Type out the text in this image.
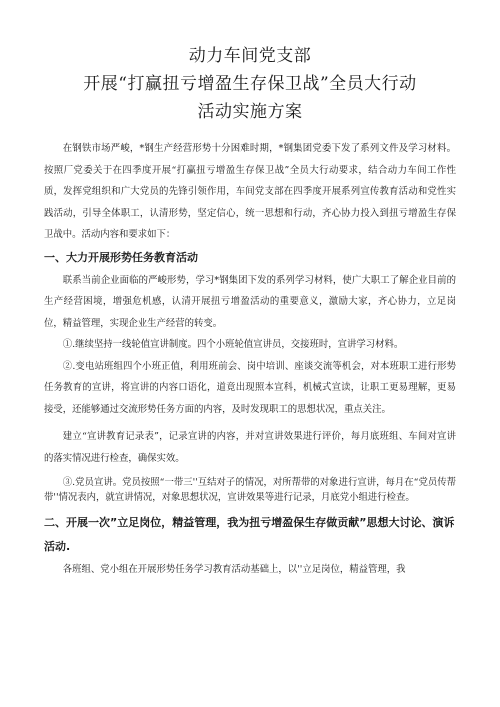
动力车间党支部
开展“打赢扭亏增盈生存保卫战”全员大行动
活动实施方案

在钢铁市场严峻，*钢生产经营形势十分困难时期，*钢集团党委下发了系列文件及学习材料。按照厂党委关于在四季度开展“打赢扭亏增盈生存保卫战”全员大行动要求，结合动力车间工作性质，发挥党组织和广大党员的先锋引领作用，车间党支部在四季度开展系列宣传教育活动和党性实践活动，引导全体职工，认清形势，坚定信心，统一思想和行动，齐心协力投入到扭亏增盈生存保卫战中。活动内容和要求如下：

一、大力开展形势任务教育活动

联系当前企业面临的严峻形势，学习*钢集团下发的系列学习材料，使广大职工了解企业目前的生产经营困境，增强危机感，认清开展扭亏增盈活动的重要意义，激励大家，齐心协力，立足岗位，精益管理，实现企业生产经营的转变。

①.继续坚持一线轮值宣讲制度。四个小班轮值宣讲员，交接班时，宣讲学习材料。

②.变电站班组四个小班正值，利用班前会、岗中培训、座谈交流等机会，对本班职工进行形势任务教育的宣讲，将宣讲的内容口语化，道竟出现照本宣科，机械式宣读，让职工更易理解，更易接受，还能够通过交流形势任务方面的内容，及时发现职工的思想状况，重点关注。

建立“宣讲教育记录表”，记录宣讲的内容，并对宣讲效果进行评价，每月底班组、车间对宣讲的落实情况进行检查，确保实效。

③.党员宣讲。党员按照“一带三''互结对子的情况，对所帮带的对象进行宣讲，每月在“党员传帮带''情况表内，就宣讲情况，对象思想状况，宣讲效果等进行记录，月底党小组进行检查。

二、开展一次”立足岗位，精益管理，我为扭亏增盈保生存做贡献”思想大讨论、演诉活动.

各班组、党小组在开展形势任务学习教育活动基础上，以''立足岗位，精益管理，我
